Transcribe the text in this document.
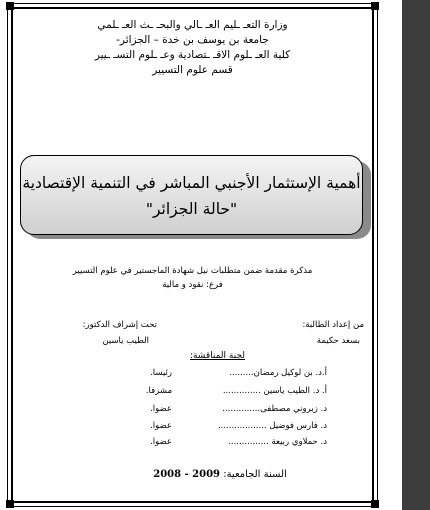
وزارة التعـ ـليم العـ ـالي والبحـ ـث العـ ـلمي
جامعة بن يوسف بن خدة – الجزائر-
كلية العـ ـلوم الاقـ ـتصادية وعـ ـلوم التسـ ـيير
قسم علوم التسيير
أهمية الإستثمار الأجنبي المباشر في التنمية الإقتصادية
"حالة الجزائر"
مذكرة مقدمة ضمن متطلبات نيل شهادة الماجستير في علوم التسيير
فرع: نقود و مالية
من إعداد الطالبة:
بسعد حكيمة
تحت إشراف الدكتور:
الطيب ياسين
لجنة المناقشة:
أ.د. بن لوكيل رمضان.........
رئيسا.
أ. د. الطيب ياسين ..............
مشرفا.
د. زيروني مصطفى..............
عضوا.
د. فارس فوضيل ..................
عضوا.
د. حملاوي ربيعة ...............
عضوا.
السنة الجامعية: 2008 - 2009
